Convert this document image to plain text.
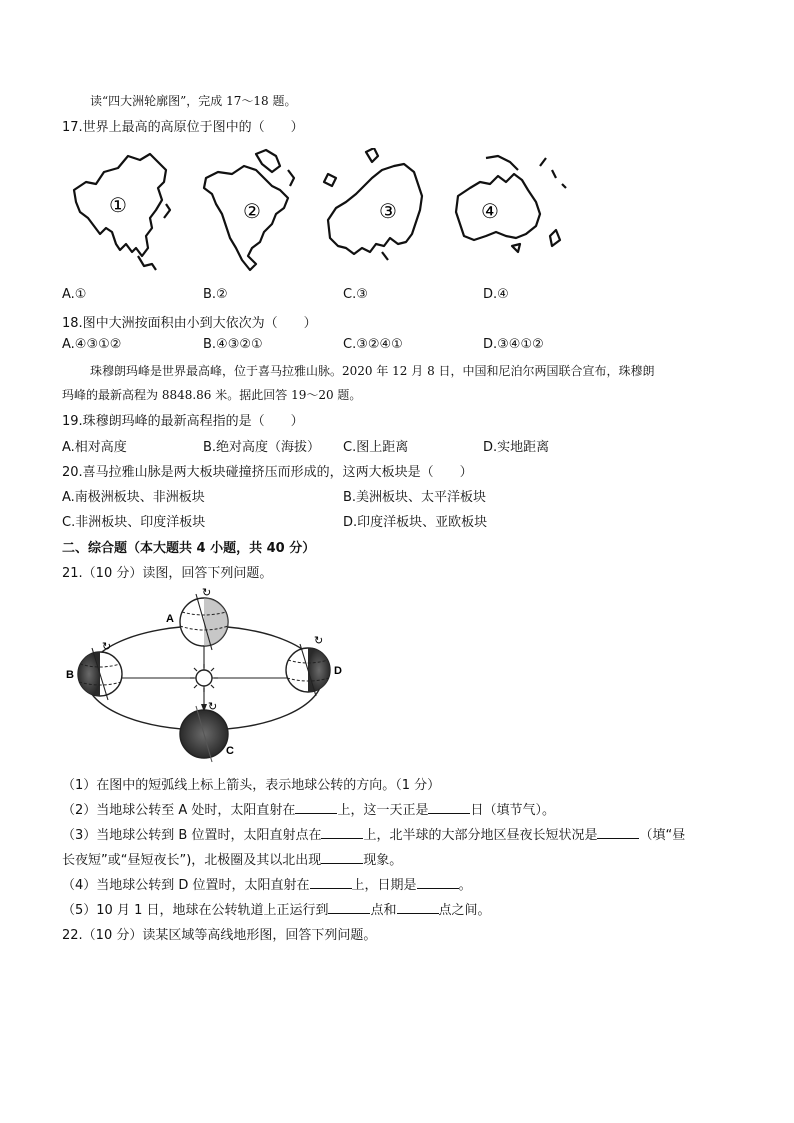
读“四大洲轮廓图”，完成 17～18 题。
17.世界上最高的高原位于图中的（　　）
①	②	③	④
A.①	B.②	C.③	D.④
18.图中大洲按面积由小到大依次为（　　）
A.④③①②	B.④③②①	C.③②④①	D.③④①②
珠穆朗玛峰是世界最高峰，位于喜马拉雅山脉。2020 年 12 月 8 日，中国和尼泊尔两国联合宣布，珠穆朗
玛峰的最新高程为 8848.86 米。据此回答 19～20 题。
19.珠穆朗玛峰的最新高程指的是（　　）
A.相对高度	B.绝对高度（海拔） C.图上距离	D.实地距离
20.喜马拉雅山脉是两大板块碰撞挤压而形成的，这两大板块是（　　）
A.南极洲板块、非洲板块	B.美洲板块、太平洋板块
C.非洲板块、印度洋板块	D.印度洋板块、亚欧板块
二、综合题（本大题共 4 小题，共 40 分）
21.（10 分）读图，回答下列问题。
↻
A
↻
B
↻
D
↻
C
（1）在图中的短弧线上标上箭头，表示地球公转的方向。（1 分）
（2）当地球公转至 A 处时，太阳直射在	上，这一天正是	日（填节气）。
（3）当地球公转到 B 位置时，太阳直射点在	上，北半球的大部分地区昼夜长短状况是	（填“昼
长夜短”或“昼短夜长”)，北极圈及其以北出现	现象。
（4）当地球公转到 D 位置时，太阳直射在	上，日期是	。
（5）10 月 1 日，地球在公转轨道上正运行到	点和	点之间。
22.（10 分）读某区域等高线地形图，回答下列问题。
